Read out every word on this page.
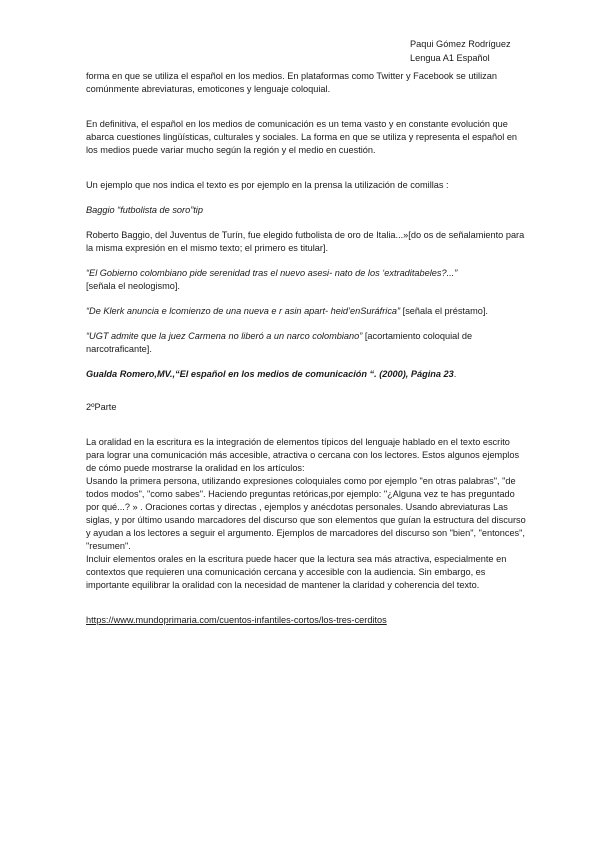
Paqui Gómez Rodríguez
Lengua A1 Español

forma en que se utiliza el español en los medios. En plataformas como Twitter y Facebook se utilizan comúnmente abreviaturas, emoticones y lenguaje coloquial.

En definitiva, el español en los medios de comunicación es un tema vasto y en constante evolución que abarca cuestiones lingüísticas, culturales y sociales. La forma en que se utiliza y representa el español en los medios puede variar mucho según la región y el medio en cuestión.

Un ejemplo que nos indica el texto es por ejemplo en la prensa la utilización de comillas :

Baggio “futbolista de soro”tip

Roberto Baggio, del Juventus de Turín, fue elegido futbolista de oro de Italia...»[do os de señalamiento para la misma expresión en el mismo texto; el primero es titular].

“El Gobierno colombiano pide serenidad tras el nuevo asesi- nato de los ‘extraditabeles?...”
[señala el neologismo].

“De Klerk anuncia e lcomienzo de una nueva e r asin apart- heid’enSuráfrica” [señala el préstamo].

“UGT admite que la juez Carmena no liberó a un narco colombiano” [acortamiento coloquial de narcotraficante].

Gualda Romero,MV.,“El español en los medios de comunicación “. (2000), Página 23.

2ºParte

La oralidad en la escritura es la integración de elementos típicos del lenguaje hablado en el texto escrito para lograr una comunicación más accesible, atractiva o cercana con los lectores. Estos algunos ejemplos de cómo puede mostrarse la oralidad en los artículos:

Usando la primera persona, utilizando expresiones coloquiales como por ejemplo "en otras palabras", "de todos modos", "como sabes". Haciendo preguntas retóricas,por ejemplo: "¿Alguna vez te has preguntado por qué...? » . Oraciones cortas y directas , ejemplos y anécdotas personales. Usando abreviaturas Las siglas, y por último usando marcadores del discurso que son elementos que guían la estructura del discurso y ayudan a los lectores a seguir el argumento. Ejemplos de marcadores del discurso son "bien", "entonces", "resumen".

Incluir elementos orales en la escritura puede hacer que la lectura sea más atractiva, especialmente en contextos que requieren una comunicación cercana y accesible con la audiencia. Sin embargo, es importante equilibrar la oralidad con la necesidad de mantener la claridad y coherencia del texto.

https://www.mundoprimaria.com/cuentos-infantiles-cortos/los-tres-cerditos
